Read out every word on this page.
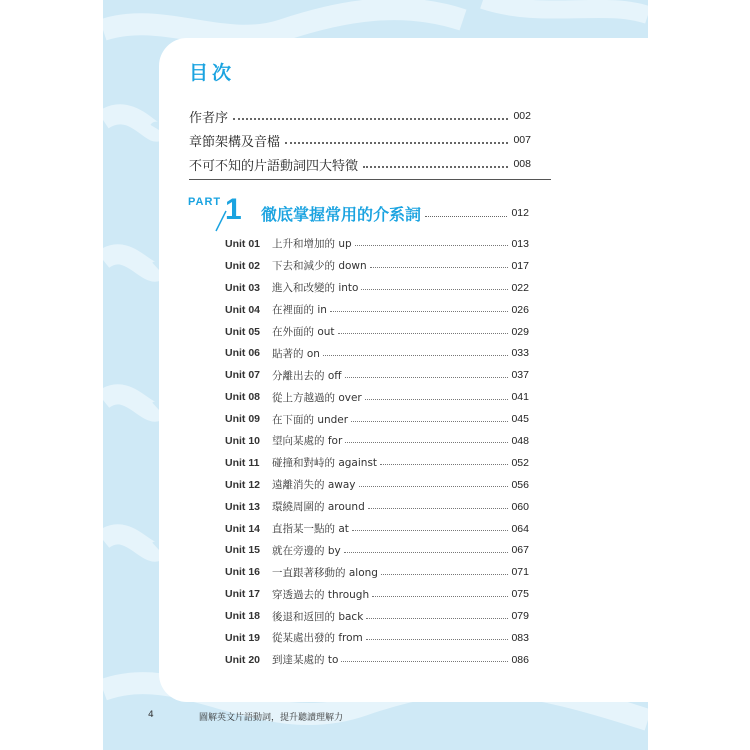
目次
作者序	002
章節架構及音檔	007
不可不知的片語動詞四大特徵	008
PART 1 徹底掌握常用的介系詞	012
Unit 01	上升和增加的 up	013
Unit 02	下去和減少的 down	017
Unit 03	進入和改變的 into	022
Unit 04	在裡面的 in	026
Unit 05	在外面的 out	029
Unit 06	貼著的 on	033
Unit 07	分離出去的 off	037
Unit 08	從上方越過的 over	041
Unit 09	在下面的 under	045
Unit 10	望向某處的 for	048
Unit 11	碰撞和對峙的 against	052
Unit 12	遠離消失的 away	056
Unit 13	環繞周圍的 around	060
Unit 14	直指某一點的 at	064
Unit 15	就在旁邊的 by	067
Unit 16	一直跟著移動的 along	071
Unit 17	穿透過去的 through	075
Unit 18	後退和返回的 back	079
Unit 19	從某處出發的 from	083
Unit 20	到達某處的 to	086
4	圖解英文片語動詞，提升聽讀理解力
